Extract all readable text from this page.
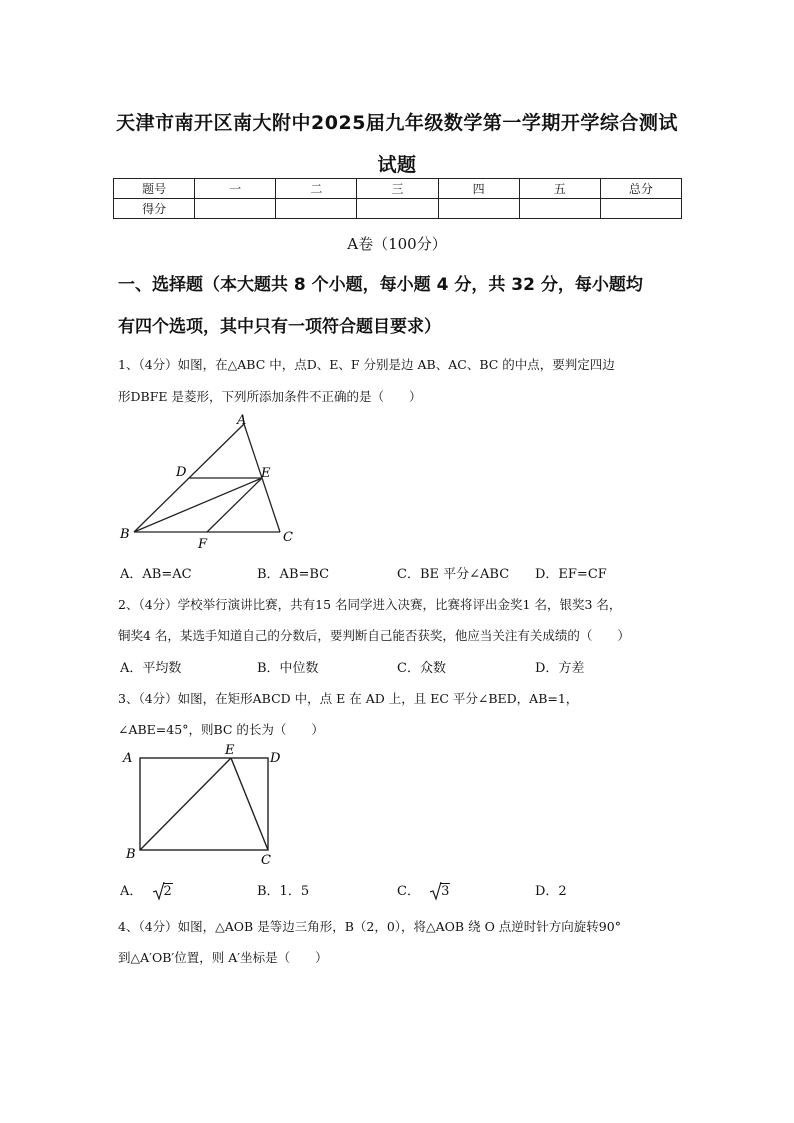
天津市南开区南大附中2025届九年级数学第一学期开学综合测试
试题
题号	一	二	三	四	五	总分
得分						
A卷（100分）
一、选择题（本大题共 8 个小题，每小题 4 分，共 32 分，每小题均
有四个选项，其中只有一项符合题目要求）
1、（4分）如图，在△ABC 中，点D、E、F 分别是边 AB、AC、BC 的中点，要判定四边
形DBFE 是菱形，下列所添加条件不正确的是（　　）
A
D	E
B
F	C
A．AB=AC	B．AB=BC	C．BE 平分∠ABC D．EF=CF
2、（4分）学校举行演讲比赛，共有15 名同学进入决赛，比赛将评出金奖1 名，银奖3 名，
铜奖4 名，某选手知道自己的分数后，要判断自己能否获奖，他应当关注有关成绩的（　　）
A．平均数	B．中位数	C．众数	D．方差
3、（4分）如图，在矩形ABCD 中，点 E 在 AD 上，且 EC 平分∠BED，AB=1，
∠ABE=45°，则BC 的长为（　　）
A
E
D
B	C
A． 2	B．1．5	C． 3	D．2
4、（4分）如图，△AOB 是等边三角形，B（2，0），将△AOB 绕 O 点逆时针方向旋转90°
到△A′OB′位置，则 A′坐标是（　　）
